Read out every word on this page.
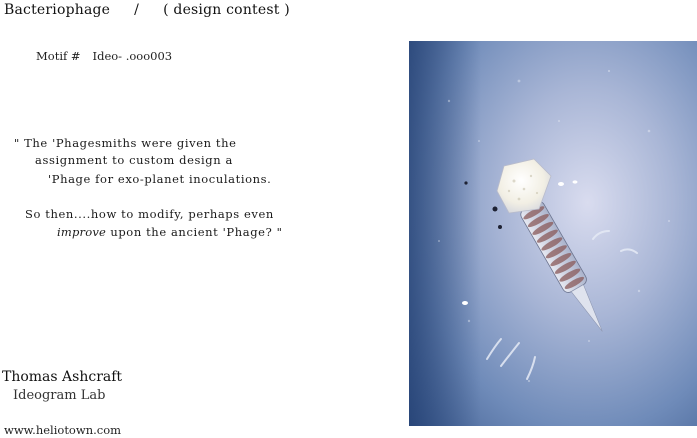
Bacteriophage / ( design contest )
Motif # Ideo- .ooo003
" The 'Phagesmiths were given the
assignment to custom design a
'Phage for exo-planet inoculations.
So then....how to modify, perhaps even
improve upon the ancient 'Phage? "
Thomas Ashcraft
Ideogram Lab
www.heliotown.com
